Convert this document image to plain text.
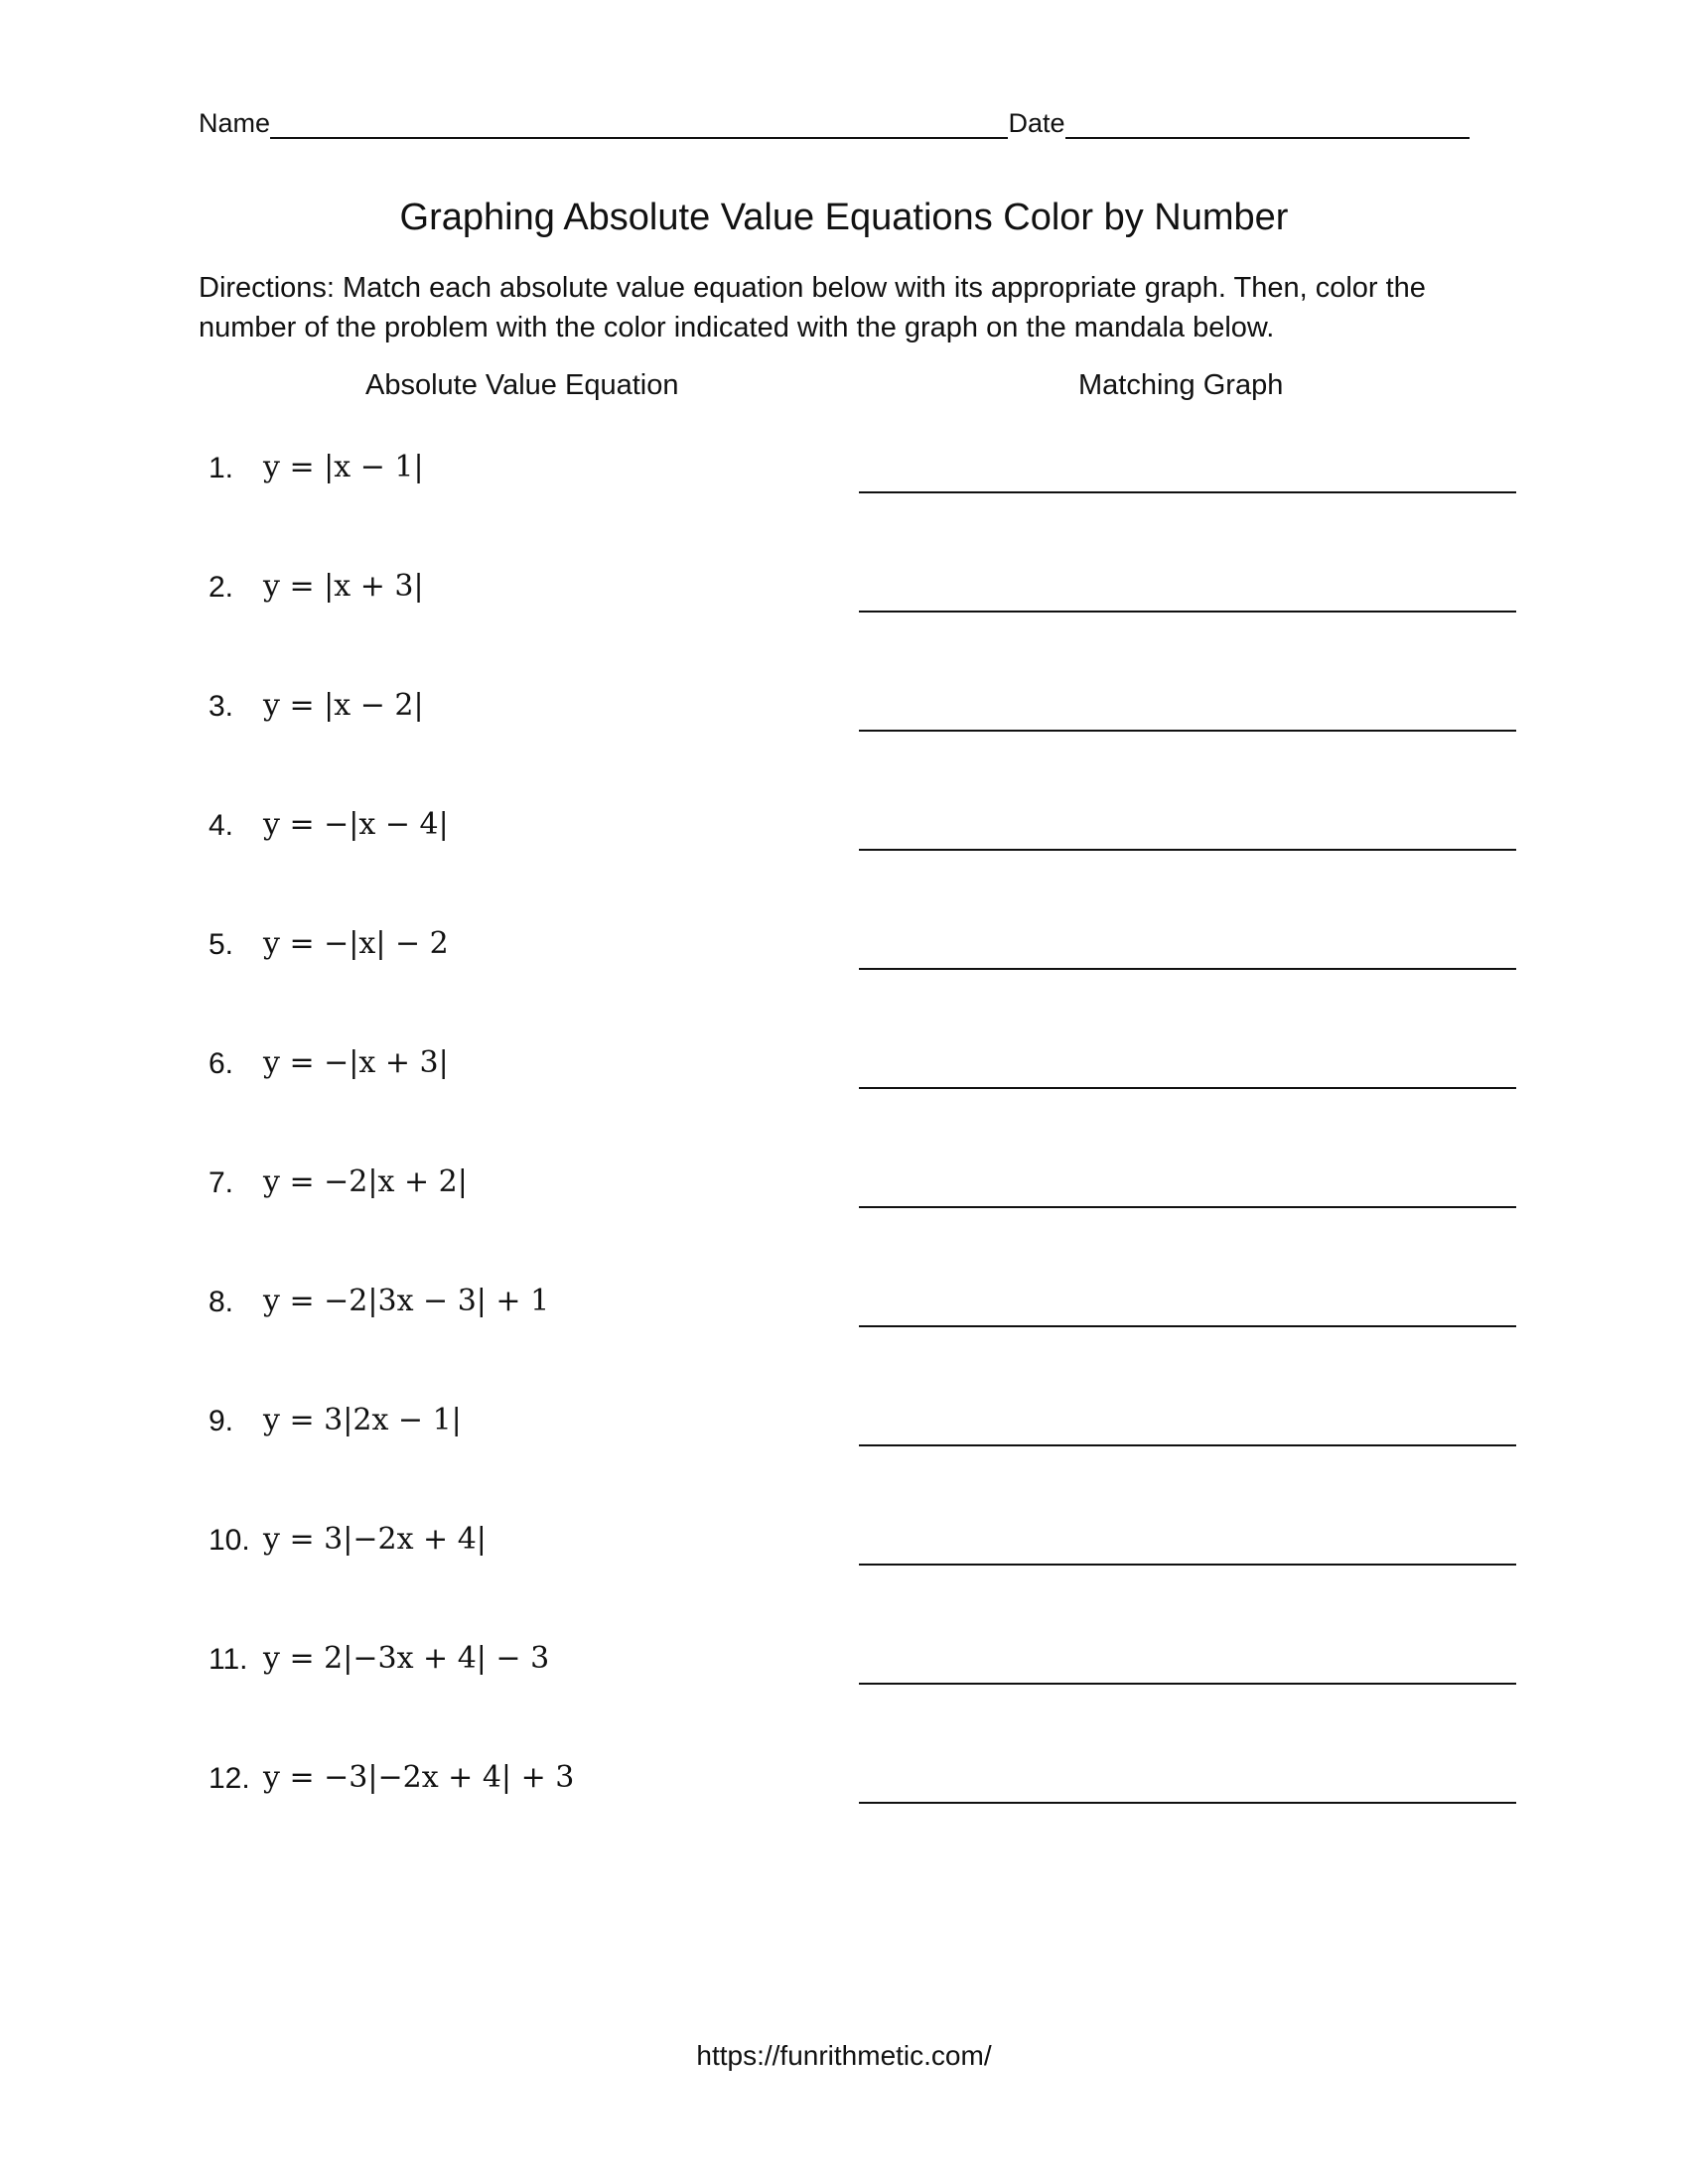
Name	Date
Graphing Absolute Value Equations Color by Number
Directions: Match each absolute value equation below with its appropriate graph. Then, color the number of the problem with the color indicated with the graph on the mandala below.
Absolute Value Equation	Matching Graph
1. y = |x − 1|
2. y = |x + 3|
3. y = |x − 2|
4. y = −|x − 4|
5. y = −|x| − 2
6. y = −|x + 3|
7. y = −2|x + 2|
8. y = −2|3x − 3| + 1
9. y = 3|2x − 1|
10. y = 3|−2x + 4|
11. y = 2|−3x + 4| − 3
12. y = −3|−2x + 4| + 3
https://funrithmetic.com/
